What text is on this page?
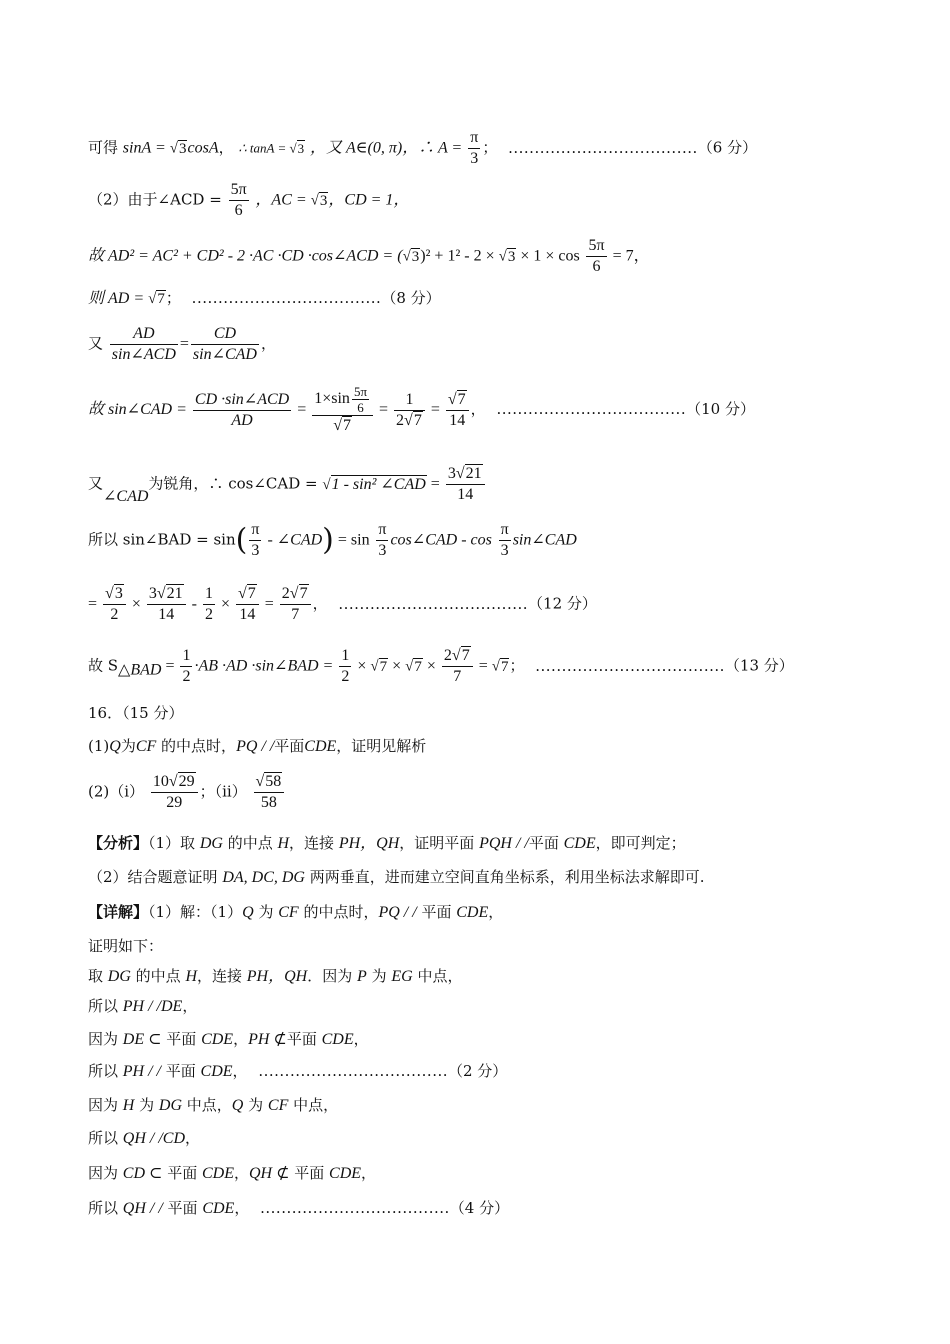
可得 sinA = √3cosA， ∴ tanA = √3 ，又 A∈(0, π)，∴ $A = \frac{\pi}{3}$ ； ....................................（6 分）
（2）由于∠ACD = $\frac{5\pi}{6}$ ，AC = √3，CD = 1，
故 AD² = AC² + CD² - 2 ·AC ·CD ·cos∠ACD = $(√3)^2 + 1^2 - 2 \times √3 \times 1 \times \cos \frac{5\pi}{6} = 7$，
则 AD = √7； ....................................（8 分）
又 $\frac{AD}{\text{sin∠ACD}} = \frac{CD}{\text{sin∠CAD}}$ ，
故 sin∠CAD = $\frac{\text{CD ·sin∠ACD}}{AD} = \frac{1\times\sin \frac{5\pi}{6}}{√7} = \frac{1}{2√7} = \frac{√7}{14}$ ， ....................................（10 分）
又∠CAD为锐角，∴ cos∠CAD = √1 - sin² ∠CAD = $\frac{3√21}{14}$
所以 sin∠BAD = $\sin( \frac{\pi}{3}$ - ∠CAD) = $\sin \frac{\pi}{3}$ cos∠CAD - $\cos \frac{\pi}{3}$ sin∠CAD
= $\frac{√3}{2} \times \frac{3√21}{14} - \frac{1}{2} \times \frac{√7}{14} = \frac{2√7}{7}$ ， ....................................（12 分）
故 $S_{\triangle BAD} = \frac{1}{2} \cdot AB \cdot AD$ ·sin∠BAD = $\frac{1}{2} \times √7 \times √7 \times \frac{2√7}{7} = √7$； ....................................（13 分）
16．（15 分）
(1)Q为CF 的中点时，PQ / /平面CDE，证明见解析
$(2)(i) \frac{10√29}{29}$ ；$(ii) \frac{√58}{58}$
【分析】（1）取 DG 的中点 H，连接 PH，QH，证明平面 PQH / /平面 CDE，即可判定；
（2）结合题意证明 DA, DC, DG 两两垂直，进而建立空间直角坐标系，利用坐标法求解即可.
【详解】（1）解：（1）Q 为 CF 的中点时，PQ / / 平面 CDE，
证明如下：
取 DG 的中点 H，连接 PH，QH．因为 P 为 EG 中点，
所以 PH / /DE，
因为 DE ⊂ 平面 CDE，PH ⊄平面 CDE，
所以 PH / / 平面 CDE， ....................................（2 分）
因为 H 为 DG 中点，Q 为 CF 中点，
所以 QH / /CD，
因为 CD ⊂ 平面 CDE，QH ⊄ 平面 CDE，
所以 QH / / 平面 CDE， ....................................（4 分）
